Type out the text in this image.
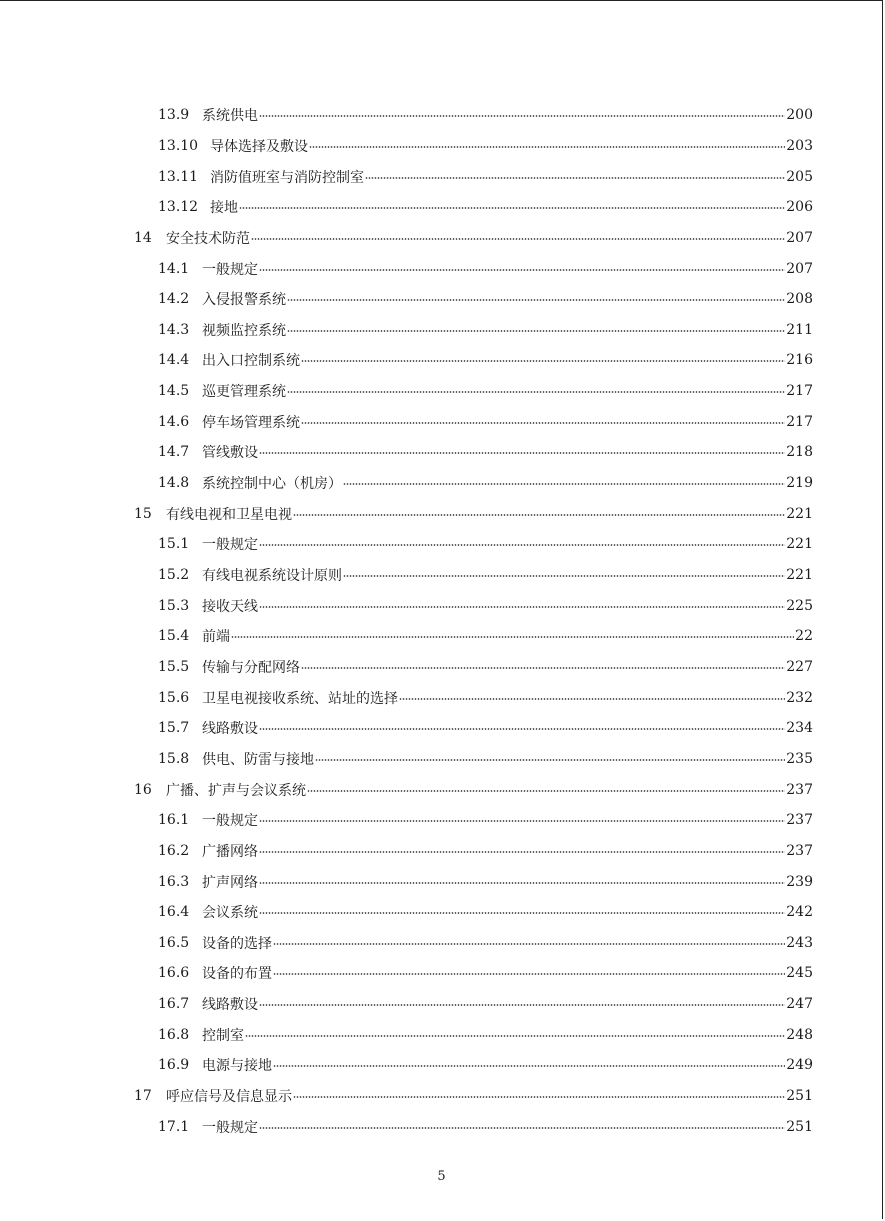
13.9 系统供电	200
13.10 导体选择及敷设	203
13.11 消防值班室与消防控制室	205
13.12 接地	206
14	安全技术防范	207
14.1 一般规定	207
14.2 入侵报警系统	208
14.3 视频监控系统	211
14.4 出入口控制系统	216
14.5 巡更管理系统	217
14.6 停车场管理系统	217
14.7 管线敷设	218
14.8 系统控制中心（机房）	219
15	有线电视和卫星电视	221
15.1 一般规定	221
15.2 有线电视系统设计原则	221
15.3 接收天线	225
15.4 前端	22
15.5 传输与分配网络	227
15.6 卫星电视接收系统、站址的选择	232
15.7 线路敷设	234
15.8 供电、防雷与接地	235
16	广播、扩声与会议系统	237
16.1 一般规定	237
16.2 广播网络	237
16.3 扩声网络	239
16.4 会议系统	242
16.5 设备的选择	243
16.6 设备的布置	245
16.7 线路敷设	247
16.8 控制室	248
16.9 电源与接地	249
17	呼应信号及信息显示	251
17.1 一般规定	251
5
